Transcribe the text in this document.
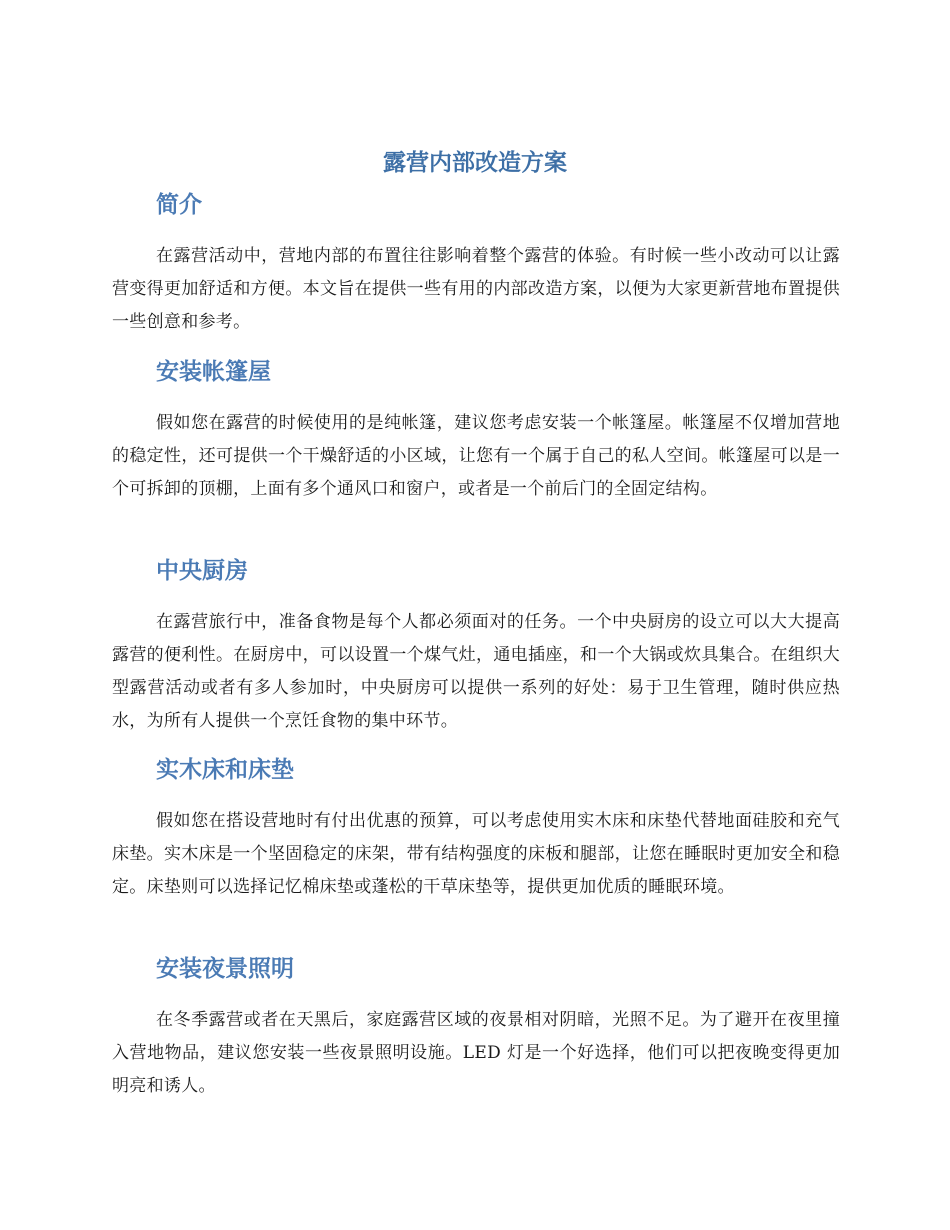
露营内部改造方案
简介

在露营活动中，营地内部的布置往往影响着整个露营的体验。有时候一些小改动可以让露营变得更加舒适和方便。本文旨在提供一些有用的内部改造方案，以便为大家更新营地布置提供一些创意和参考。

安装帐篷屋

假如您在露营的时候使用的是纯帐篷，建议您考虑安装一个帐篷屋。帐篷屋不仅增加营地的稳定性，还可提供一个干燥舒适的小区域，让您有一个属于自己的私人空间。帐篷屋可以是一个可拆卸的顶棚，上面有多个通风口和窗户，或者是一个前后门的全固定结构。

中央厨房

在露营旅行中，准备食物是每个人都必须面对的任务。一个中央厨房的设立可以大大提高露营的便利性。在厨房中，可以设置一个煤气灶，通电插座，和一个大锅或炊具集合。在组织大型露营活动或者有多人参加时，中央厨房可以提供一系列的好处：易于卫生管理，随时供应热水，为所有人提供一个烹饪食物的集中环节。

实木床和床垫

假如您在搭设营地时有付出优惠的预算，可以考虑使用实木床和床垫代替地面硅胶和充气床垫。实木床是一个坚固稳定的床架，带有结构强度的床板和腿部，让您在睡眠时更加安全和稳定。床垫则可以选择记忆棉床垫或蓬松的干草床垫等，提供更加优质的睡眠环境。

安装夜景照明

在冬季露营或者在天黑后，家庭露营区域的夜景相对阴暗，光照不足。为了避开在夜里撞入营地物品，建议您安装一些夜景照明设施。LED 灯是一个好选择，他们可以把夜晚变得更加明亮和诱人。
